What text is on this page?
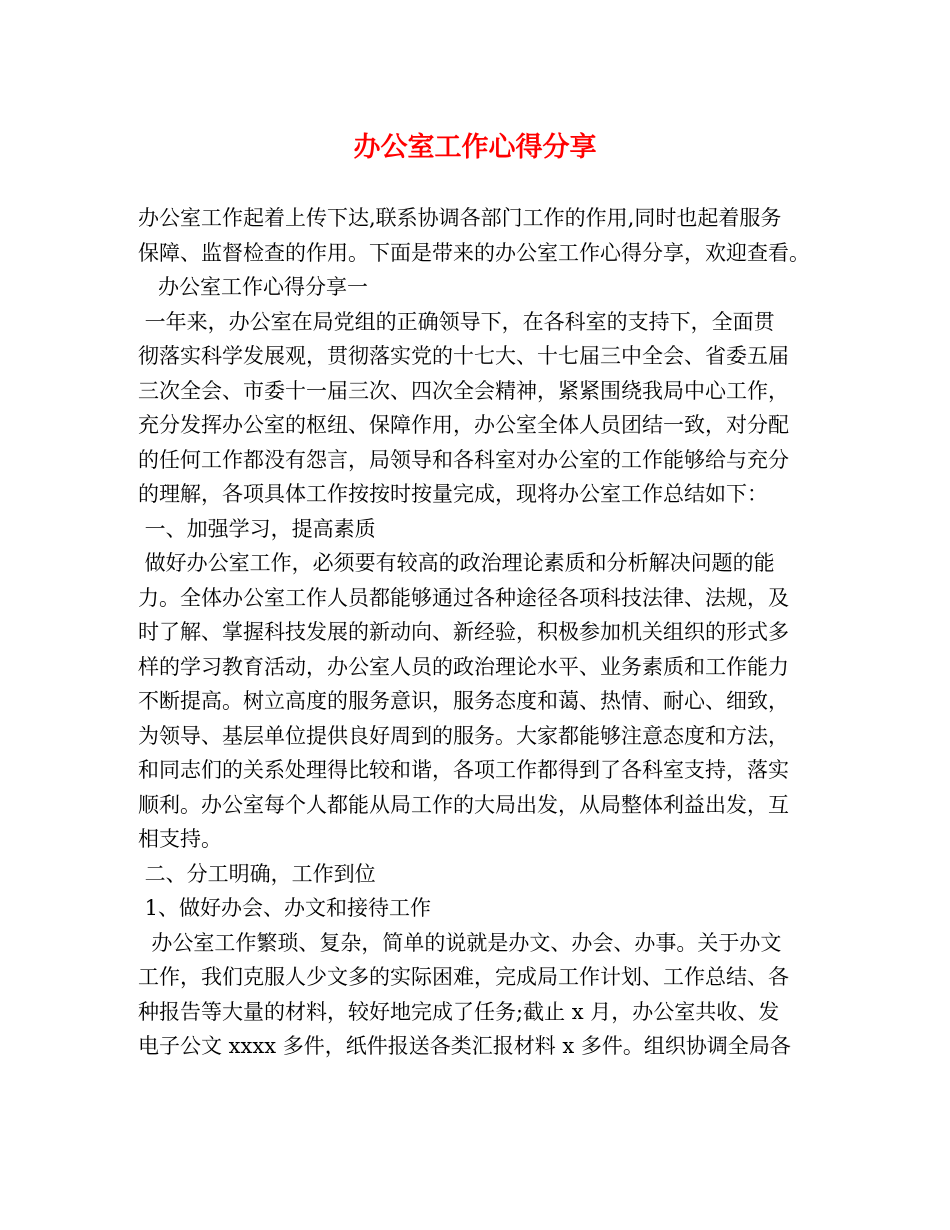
办公室工作心得分享
办公室工作起着上传下达,联系协调各部门工作的作用,同时也起着服务
保障、监督检查的作用。下面是带来的办公室工作心得分享，欢迎查看。
办公室工作心得分享一
一年来，办公室在局党组的正确领导下，在各科室的支持下，全面贯
彻落实科学发展观，贯彻落实党的十七大、十七届三中全会、省委五届
三次全会、市委十一届三次、四次全会精神，紧紧围绕我局中心工作，
充分发挥办公室的枢纽、保障作用，办公室全体人员团结一致，对分配
的任何工作都没有怨言，局领导和各科室对办公室的工作能够给与充分
的理解，各项具体工作按按时按量完成，现将办公室工作总结如下：
一、加强学习，提高素质
做好办公室工作，必须要有较高的政治理论素质和分析解决问题的能
力。全体办公室工作人员都能够通过各种途径各项科技法律、法规，及
时了解、掌握科技发展的新动向、新经验，积极参加机关组织的形式多
样的学习教育活动，办公室人员的政治理论水平、业务素质和工作能力
不断提高。树立高度的服务意识，服务态度和蔼、热情、耐心、细致，
为领导、基层单位提供良好周到的服务。大家都能够注意态度和方法，
和同志们的关系处理得比较和谐，各项工作都得到了各科室支持，落实
顺利。办公室每个人都能从局工作的大局出发，从局整体利益出发，互
相支持。
二、分工明确，工作到位
1、做好办会、办文和接待工作
办公室工作繁琐、复杂，简单的说就是办文、办会、办事。关于办文
工作，我们克服人少文多的实际困难，完成局工作计划、工作总结、各
种报告等大量的材料，较好地完成了任务;截止 x 月，办公室共收、发
电子公文 xxxx 多件，纸件报送各类汇报材料 x 多件。组织协调全局各
